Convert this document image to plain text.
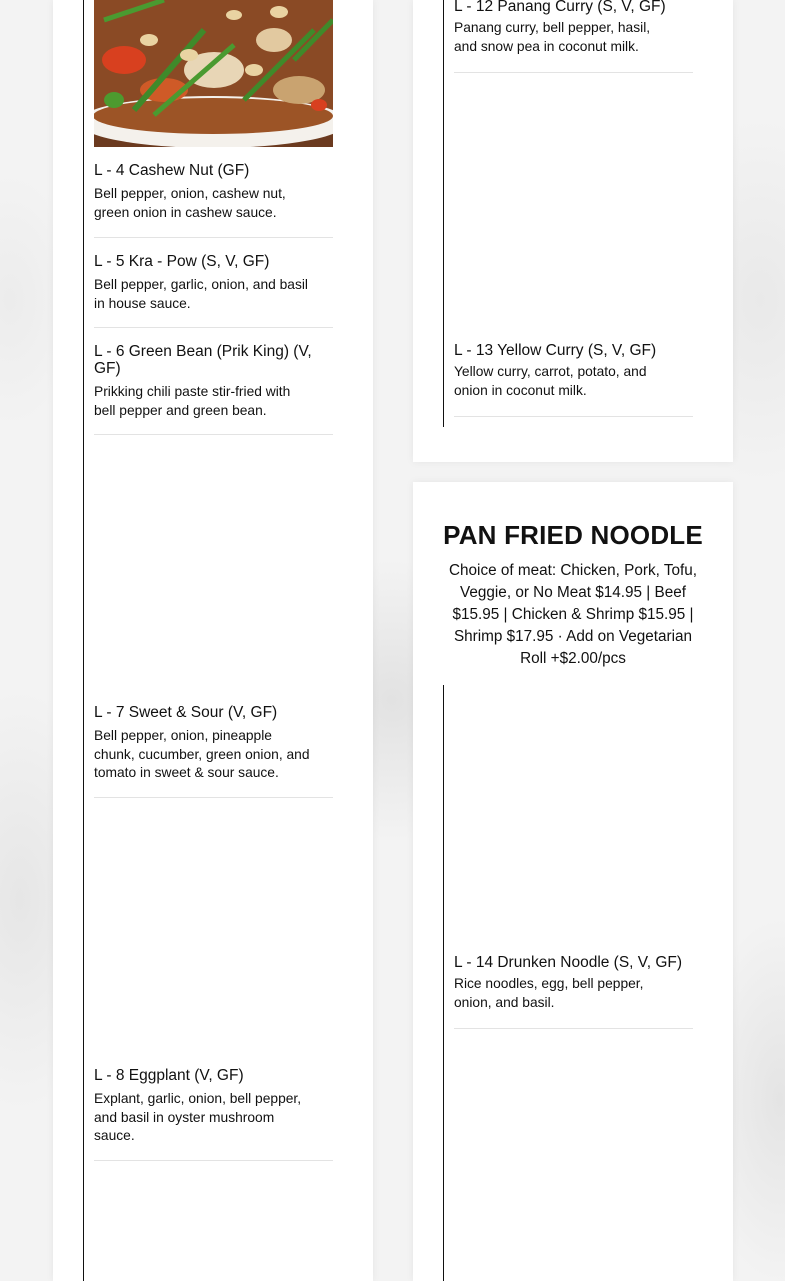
L - 4 Cashew Nut (GF)

Bell pepper, onion, cashew nut, green onion in cashew sauce.

L - 5 Kra - Pow (S, V, GF)

Bell pepper, garlic, onion, and basil in house sauce.

L - 6 Green Bean (Prik King) (V, GF)

Prikking chili paste stir-fried with bell pepper and green bean.

L - 7 Sweet & Sour (V, GF)

Bell pepper, onion, pineapple chunk, cucumber, green onion, and tomato in sweet & sour sauce.

L - 8 Eggplant (V, GF)

Explant, garlic, onion, bell pepper, and basil in oyster mushroom sauce.

L - 12 Panang Curry (S, V, GF)

Panang curry, bell pepper, hasil, and snow pea in coconut milk.

L - 13 Yellow Curry (S, V, GF)

Yellow curry, carrot, potato, and onion in coconut milk.

PAN FRIED NOODLE

Choice of meat: Chicken, Pork, Tofu, Veggie, or No Meat $14.95 | Beef $15.95 | Chicken & Shrimp $15.95 | Shrimp $17.95 · Add on Vegetarian Roll +$2.00/pcs

L - 14 Drunken Noodle (S, V, GF)

Rice noodles, egg, bell pepper, onion, and basil.
